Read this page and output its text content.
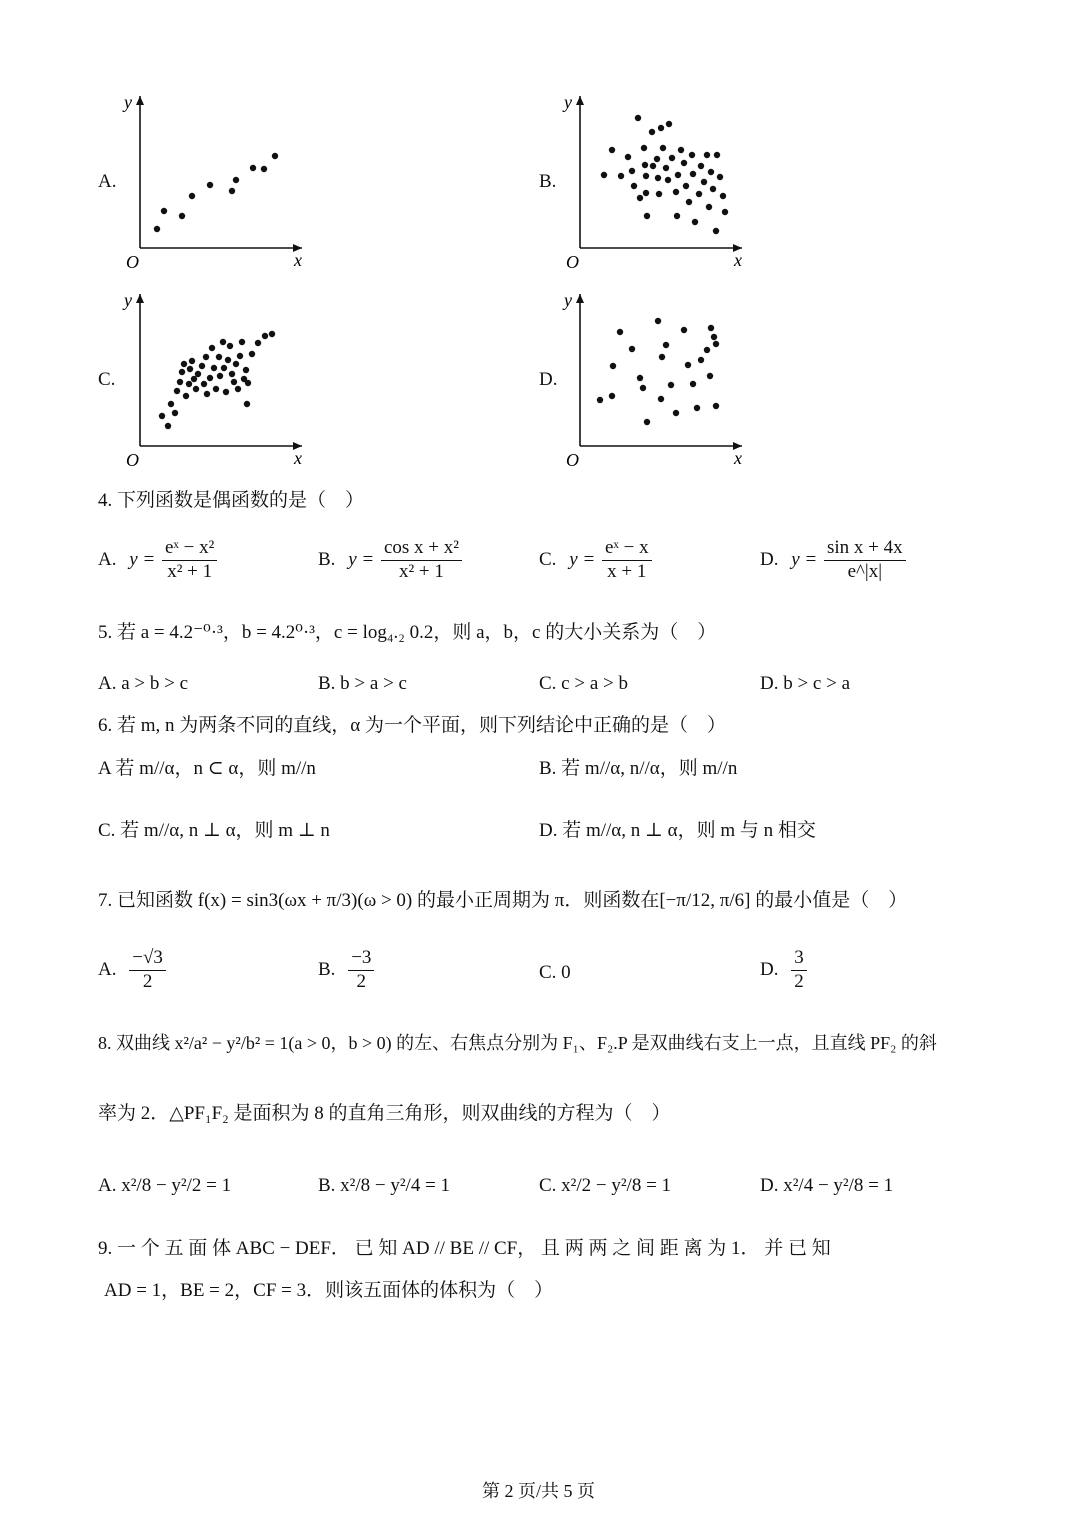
A.	B.
C.	D.
x
y
O	x
y
O
x
y
O	x
y
O
4. 下列函数是偶函数的是（　）
A. $y = \frac{\text{eˣ − x²}}{\text{x² + 1}}$	B. $y = \frac{\text{cos x + x²}}{\text{x² + 1}}$	C. $y = \frac{\text{eˣ − x}}{x + 1}$	D. $y = \frac{\text{sin x + 4x}}{e\^{}|x|}$
5. 若 a = 4.2⁻⁰·³，b = 4.2⁰·³，c = log₄.₂ 0.2，则 a，b，c 的大小关系为（　）
A. a > b > c	B. b > a > c	C. c > a > b	D. b > c > a
6. 若 m, n 为两条不同的直线，α 为一个平面，则下列结论中正确的是（　）
A 若 m//α，n ⊂ α，则 m//n	B. 若 m//α, n//α，则 m//n
C. 若 m//α, n ⊥ α，则 m ⊥ n	D. 若 m//α, n ⊥ α，则 m 与 n 相交
7. 已知函数 f(x) = sin3(ωx + π/3)(ω > 0) 的最小正周期为 π．则函数在[−π/12, π/6] 的最小值是（　）
A. $\frac{-√3}{2}$	B. $\frac{-3}{2}$	C. 0	D. $\frac{3}{2}$
8. 双曲线 x²/a² − y²/b² = 1(a > 0，b > 0) 的左、右焦点分别为 F₁、F₂.P 是双曲线右支上一点，且直线 PF₂ 的斜
率为 2．△PF₁F₂ 是面积为 8 的直角三角形，则双曲线的方程为（　）
A. x²/8 − y²/2 = 1	B. x²/8 − y²/4 = 1	C. x²/2 − y²/8 = 1	D. x²/4 − y²/8 = 1
9. 一 个 五 面 体 ABC − DEF． 已 知 AD // BE // CF， 且 两 两 之 间 距 离 为 1． 并 已 知
AD = 1，BE = 2，CF = 3．则该五面体的体积为（　）
第 2 页/共 5 页
